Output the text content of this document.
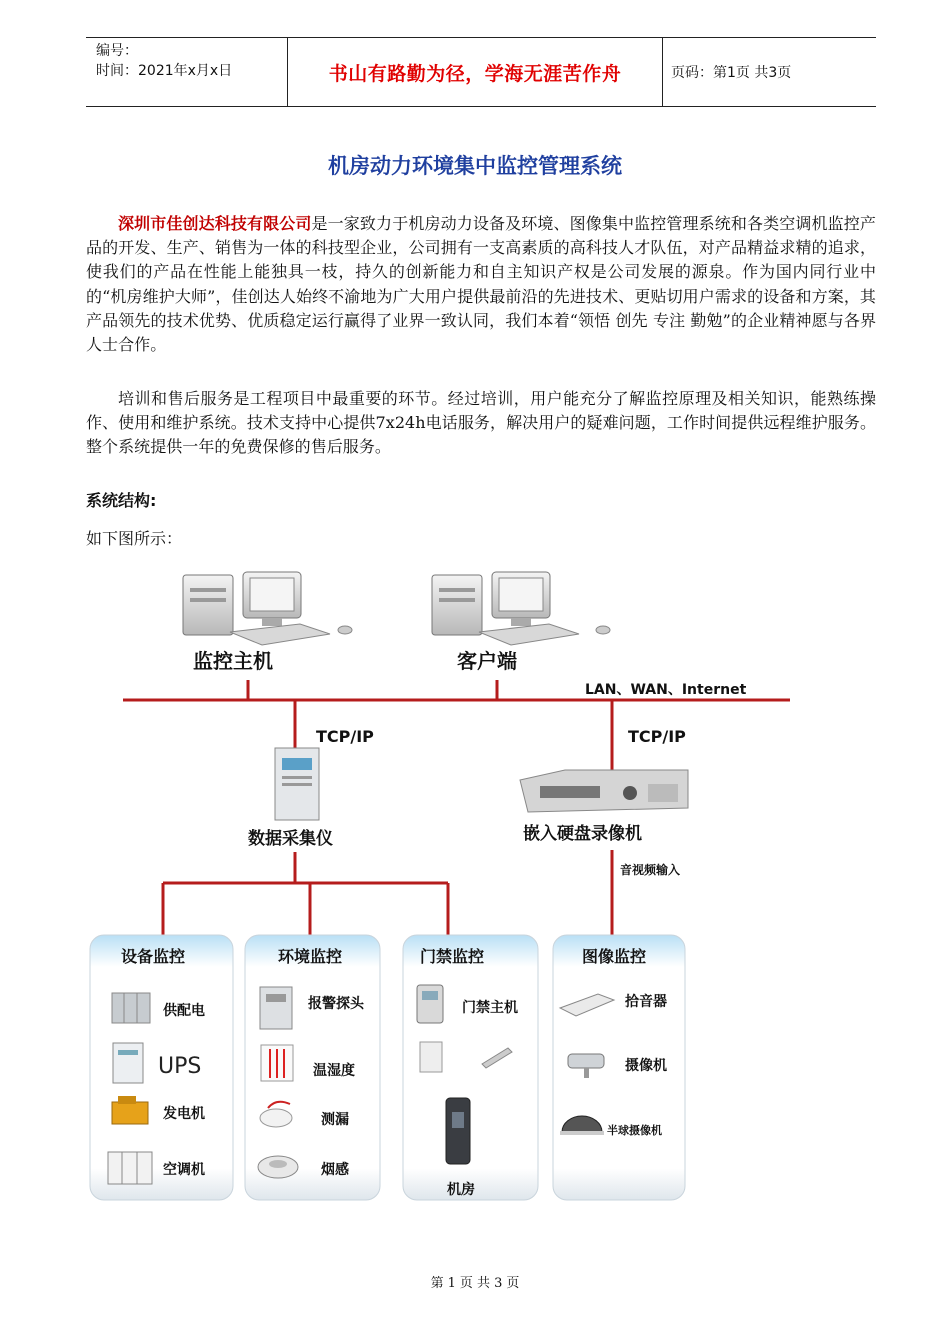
编号：
时间：2021年x月x日	书山有路勤为径，学海无涯苦作舟	页码：第1页 共3页
机房动力环境集中监控管理系统
深圳市佳创达科技有限公司是一家致力于机房动力设备及环境、图像集中监控管理系统和各类空调机监控产品的开发、生产、销售为一体的科技型企业，公司拥有一支高素质的高科技人才队伍，对产品精益求精的追求，使我们的产品在性能上能独具一枝，持久的创新能力和自主知识产权是公司发展的源泉。作为国内同行业中的“机房维护大师”，佳创达人始终不渝地为广大用户提供最前沿的先进技术、更贴切用户需求的设备和方案，其产品领先的技术优势、优质稳定运行赢得了业界一致认同，我们本着“领悟 创先 专注 勤勉”的企业精神愿与各界人士合作。
培训和售后服务是工程项目中最重要的环节。经过培训，用户能充分了解监控原理及相关知识，能熟练操作、使用和维护系统。技术支持中心提供7x24h电话服务，解决用户的疑难问题，工作时间提供远程维护服务。整个系统提供一年的免费保修的售后服务。
系统结构:
如下图所示：
监控主机	客户端
LAN、WAN、Internet
TCP/IP	TCP/IP
数据采集仪	嵌入硬盘录像机
音视频输入
设备监控
供配电
UPS
发电机
空调机
环境监控
报警探头
温湿度
测漏
烟感
门禁监控
门禁主机
机房
图像监控
拾音器
摄像机
半球摄像机
第 1 页 共 3 页
